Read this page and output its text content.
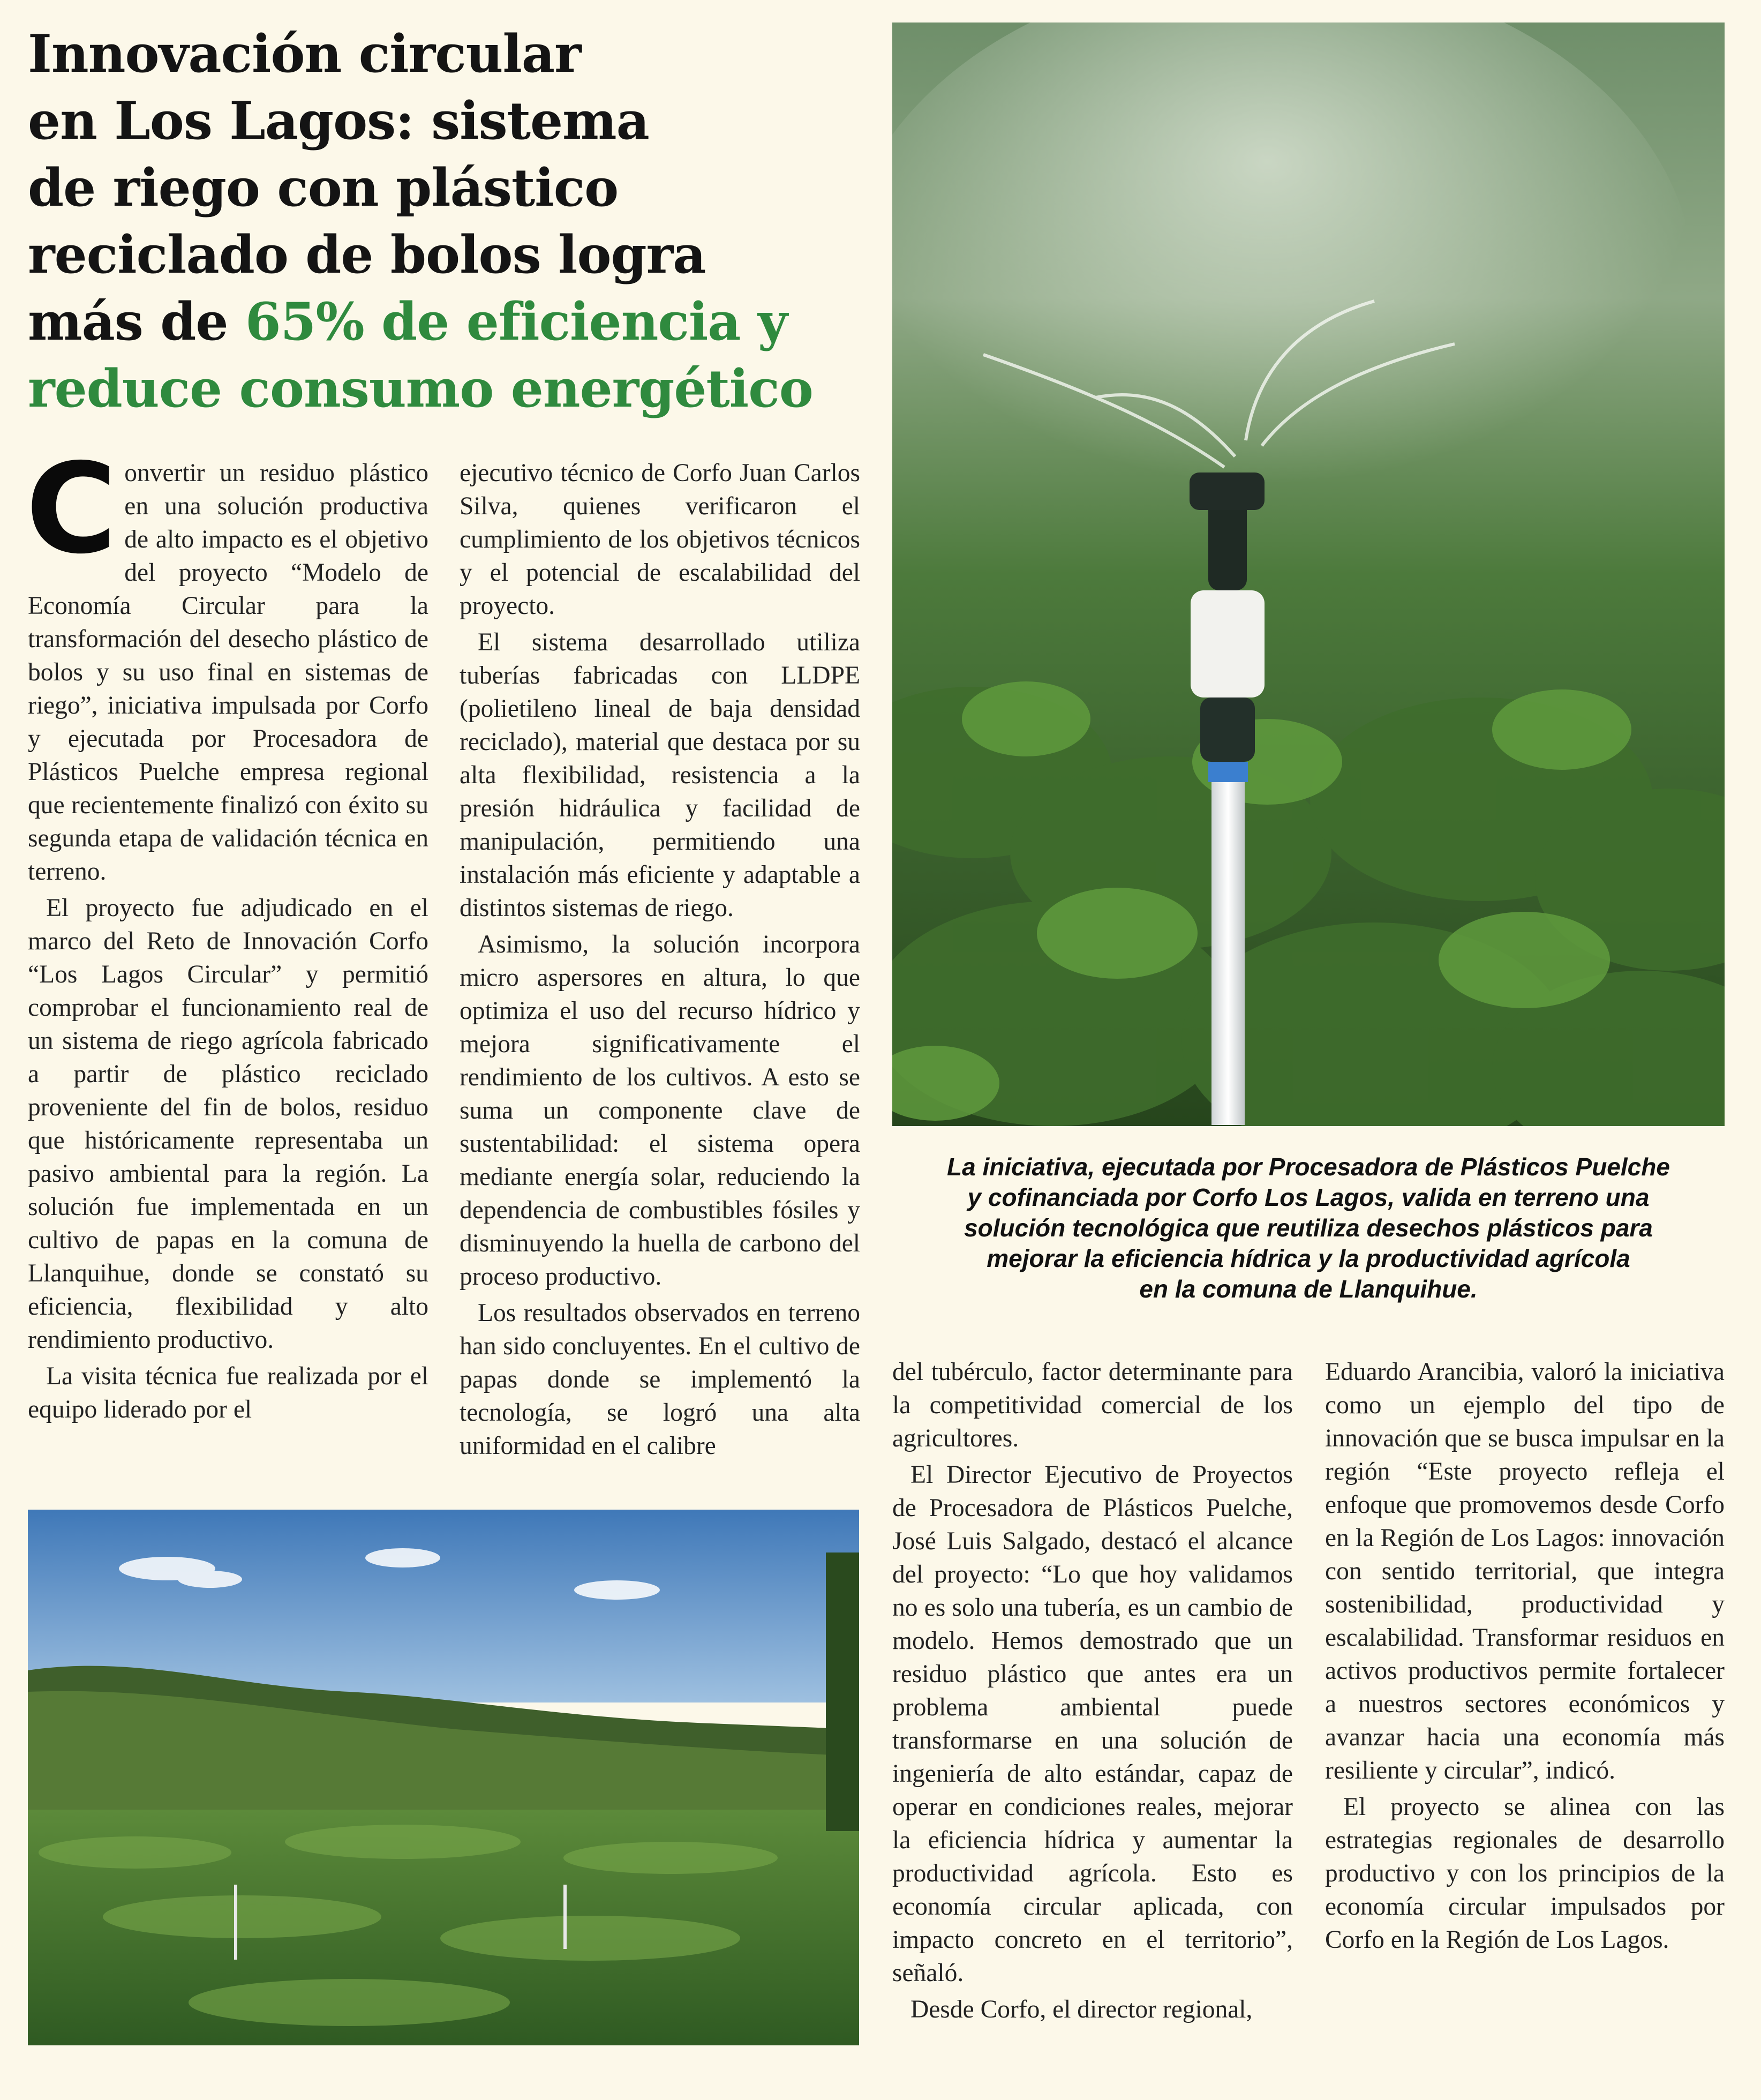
Innovación circular
en Los Lagos: sistema
de riego con plástico
reciclado de bolos logra
más de 65% de eficiencia y
reduce consumo energético

Convertir un residuo plástico en una solución productiva de alto impacto es el objetivo del proyecto “Modelo de Economía Circular para la transformación del desecho plástico de bolos y su uso final en sistemas de riego”, iniciativa impulsada por Corfo y ejecutada por Procesadora de Plásticos Puelche empresa regional que recientemente finalizó con éxito su segunda etapa de validación técnica en terreno.

El proyecto fue adjudicado en el marco del Reto de Innovación Corfo “Los Lagos Circular” y permitió comprobar el funcionamiento real de un sistema de riego agrícola fabricado a partir de plástico reciclado proveniente del fin de bolos, residuo que históricamente representaba un pasivo ambiental para la región. La solución fue implementada en un cultivo de papas en la comuna de Llanquihue, donde se constató su eficiencia, flexibilidad y alto rendimiento productivo.

La visita técnica fue realizada por el equipo liderado por el

ejecutivo técnico de Corfo Juan Carlos Silva, quienes verificaron el cumplimiento de los objetivos técnicos y el potencial de escalabilidad del proyecto.

El sistema desarrollado utiliza tuberías fabricadas con LLDPE (polietileno lineal de baja densidad reciclado), material que destaca por su alta flexibilidad, resistencia a la presión hidráulica y facilidad de manipulación, permitiendo una instalación más eficiente y adaptable a distintos sistemas de riego.

Asimismo, la solución incorpora micro aspersores en altura, lo que optimiza el uso del recurso hídrico y mejora significativamente el rendimiento de los cultivos. A esto se suma un componente clave de sustentabilidad: el sistema opera mediante energía solar, reduciendo la dependencia de combustibles fósiles y disminuyendo la huella de carbono del proceso productivo.

Los resultados observados en terreno han sido concluyentes. En el cultivo de papas donde se implementó la tecnología, se logró una alta uniformidad en el calibre

La iniciativa, ejecutada por Procesadora de Plásticos Puelche
y cofinanciada por Corfo Los Lagos, valida en terreno una
solución tecnológica que reutiliza desechos plásticos para
mejorar la eficiencia hídrica y la productividad agrícola
en la comuna de Llanquihue.

del tubérculo, factor determinante para la competitividad comercial de los agricultores.

El Director Ejecutivo de Proyectos de Procesadora de Plásticos Puelche, José Luis Salgado, destacó el alcance del proyecto: “Lo que hoy validamos no es solo una tubería, es un cambio de modelo. Hemos demostrado que un residuo plástico que antes era un problema ambiental puede transformarse en una solución de ingeniería de alto estándar, capaz de operar en condiciones reales, mejorar la eficiencia hídrica y aumentar la productividad agrícola. Esto es economía circular aplicada, con impacto concreto en el territorio”, señaló.

Desde Corfo, el director regional,

Eduardo Arancibia, valoró la iniciativa como un ejemplo del tipo de innovación que se busca impulsar en la región “Este proyecto refleja el enfoque que promovemos desde Corfo en la Región de Los Lagos: innovación con sentido territorial, que integra sostenibilidad, productividad y escalabilidad. Transformar residuos en activos productivos permite fortalecer a nuestros sectores económicos y avanzar hacia una economía más resiliente y circular”, indicó.

El proyecto se alinea con las estrategias regionales de desarrollo productivo y con los principios de la economía circular impulsados por Corfo en la Región de Los Lagos.
